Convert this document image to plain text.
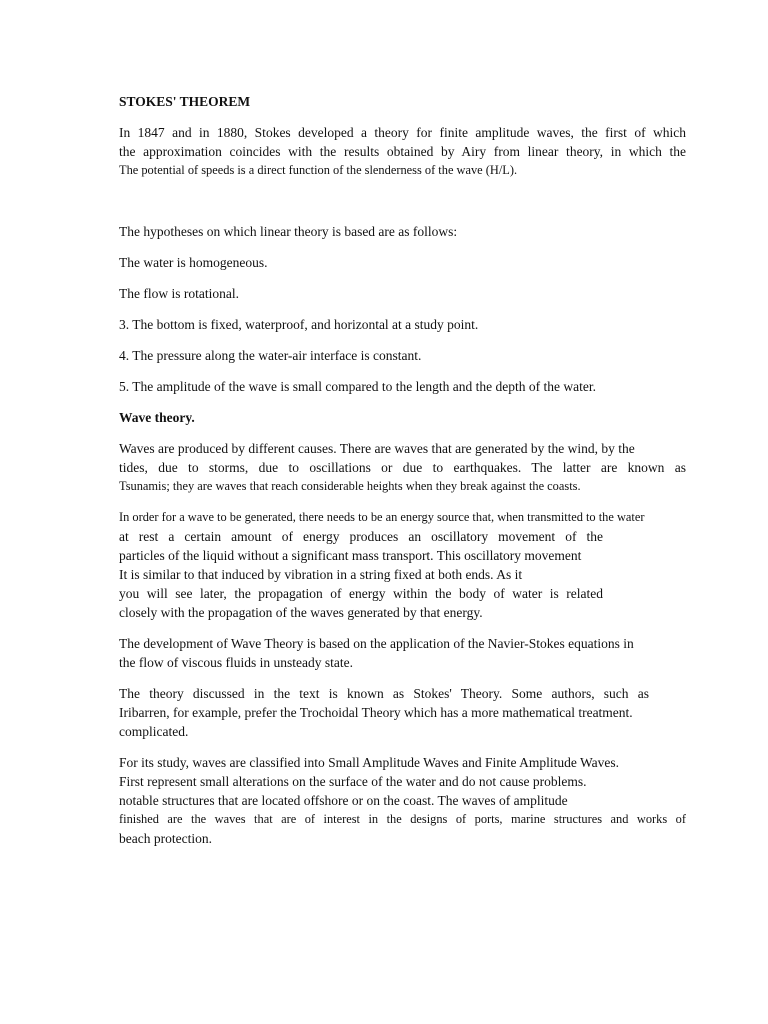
STOKES' THEOREM

In 1847 and in 1880, Stokes developed a theory for finite amplitude waves, the first of which
the approximation coincides with the results obtained by Airy from linear theory, in which the
The potential of speeds is a direct function of the slenderness of the wave (H/L).

The hypotheses on which linear theory is based are as follows:

The water is homogeneous.

The flow is rotational.

3. The bottom is fixed, waterproof, and horizontal at a study point.

4. The pressure along the water-air interface is constant.

5. The amplitude of the wave is small compared to the length and the depth of the water.

Wave theory.

Waves are produced by different causes. There are waves that are generated by the wind, by the
tides, due to storms, due to oscillations or due to earthquakes. The latter are known as
Tsunamis; they are waves that reach considerable heights when they break against the coasts.

In order for a wave to be generated, there needs to be an energy source that, when transmitted to the water
at rest a certain amount of energy produces an oscillatory movement of the
particles of the liquid without a significant mass transport. This oscillatory movement
It is similar to that induced by vibration in a string fixed at both ends. As it
you will see later, the propagation of energy within the body of water is related
closely with the propagation of the waves generated by that energy.

The development of Wave Theory is based on the application of the Navier-Stokes equations in
the flow of viscous fluids in unsteady state.

The theory discussed in the text is known as Stokes' Theory. Some authors, such as
Iribarren, for example, prefer the Trochoidal Theory which has a more mathematical treatment.
complicated.

For its study, waves are classified into Small Amplitude Waves and Finite Amplitude Waves.
First represent small alterations on the surface of the water and do not cause problems.
notable structures that are located offshore or on the coast. The waves of amplitude
finished are the waves that are of interest in the designs of ports, marine structures and works of
beach protection.
